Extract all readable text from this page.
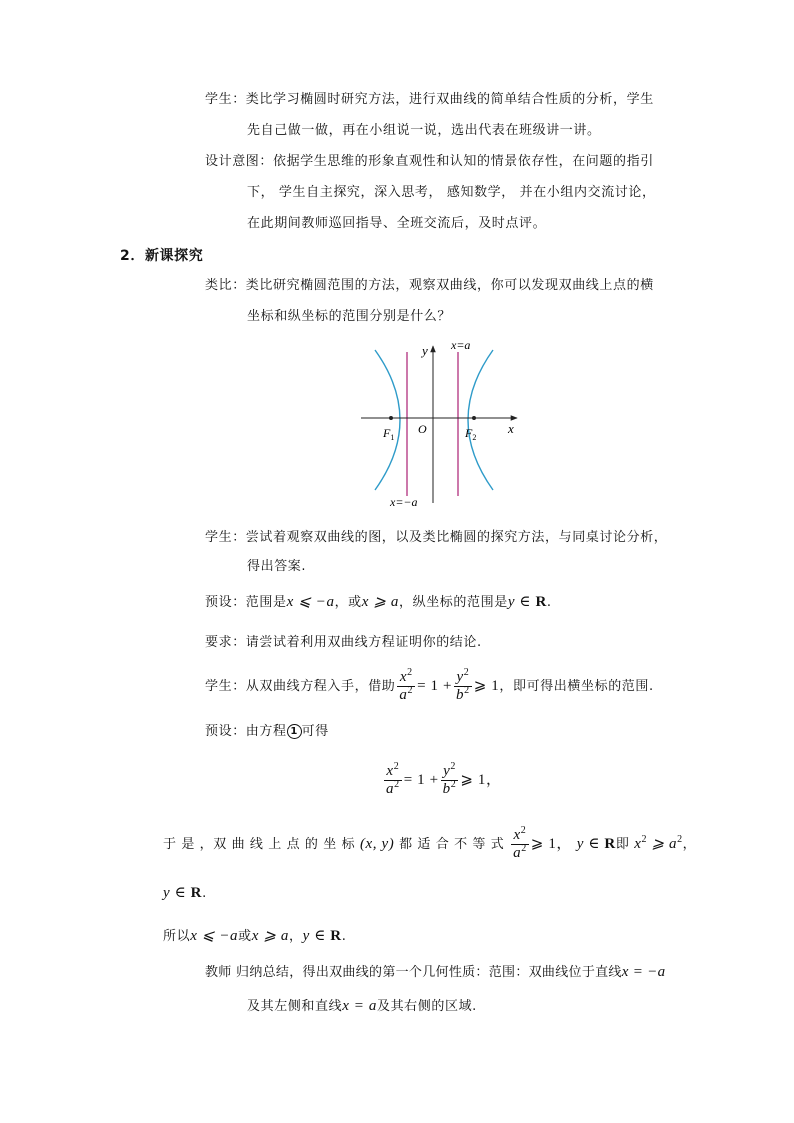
学生：类比学习椭圆时研究方法，进行双曲线的简单结合性质的分析，学生
先自己做一做，再在小组说一说，选出代表在班级讲一讲。
设计意图：依据学生思维的形象直观性和认知的情景依存性，在问题的指引
下， 学生自主探究，深入思考， 感知数学， 并在小组内交流讨论，
在此期间教师巡回指导、全班交流后，及时点评。
2．新课探究
类比：类比研究椭圆范围的方法，观察双曲线，你可以发现双曲线上点的横
坐标和纵坐标的范围分别是什么？
y
x
x=a
x=−a
O
$F_1$	$F_2$
学生：尝试着观察双曲线的图，以及类比椭圆的探究方法，与同桌讨论分析，
得出答案.
预设：范围是x ⩽ −a，或x ⩾ a，纵坐标的范围是y ∈ R.
要求：请尝试着利用双曲线方程证明你的结论.
学生：从双曲线方程入手，借助 $\frac{x^2}{a^2} = 1 + \frac{y^2}{b^2}$ ⩾ 1，即可得出横坐标的范围.
预设：由方程 1 可得
$\frac{x^2}{a^2} = 1 + \frac{y^2}{b^2}$ ⩾ 1，
于 是 ，双 曲 线 上 点 的 坐 标 (x, y) 都 适 合 不 等 式 $\frac{x^2}{a^2}$ ⩾ 1， y ∈ R即 $x^2$ ⩾ $a^2$，
y ∈ R.
所以x ⩽ −a或x ⩾ a，y ∈ R.
教师 归纳总结，得出双曲线的第一个几何性质：范围：双曲线位于直线x = −a
及其左侧和直线x = a及其右侧的区域.
